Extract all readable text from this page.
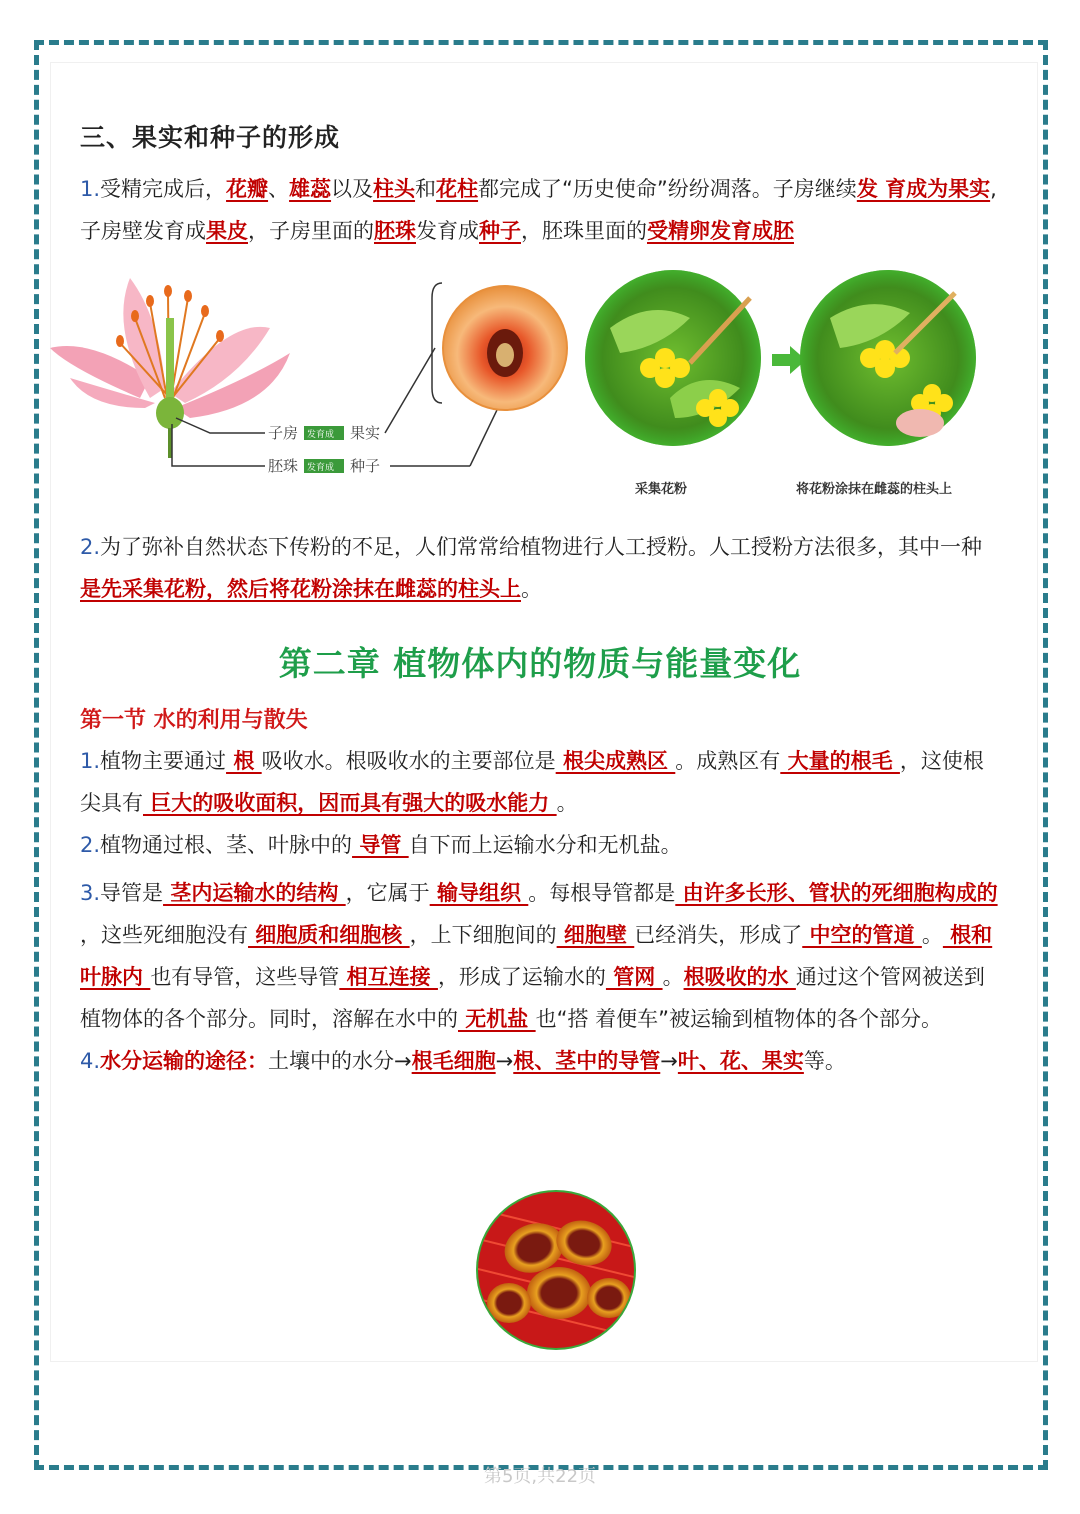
三、果实和种子的形成

1.受精完成后，花瓣、雄蕊以及柱头和花柱都完成了“历史使命”纷纷凋落。子房继续发 育成为果实,子房壁发育成果皮，子房里面的胚珠发育成种子，胚珠里面的受精卵发育成胚

子房 发育成 果实
胚珠 发育成 种子
采集花粉	将花粉涂抹在雌蕊的柱头上

2.为了弥补自然状态下传粉的不足，人们常常给植物进行人工授粉。人工授粉方法很多，其中一种是先采集花粉，然后将花粉涂抹在雌蕊的柱头上。

第二章 植物体内的物质与能量变化
第一节 水的利用与散失

1.植物主要通过 根 吸收水。根吸收水的主要部位是 根尖成熟区 。成熟区有 大量的根毛 ，这使根尖具有 巨大的吸收面积，因而具有强大的吸水能力 。

2.植物通过根、茎、叶脉中的 导管 自下而上运输水分和无机盐。

3.导管是 茎内运输水的结构 ，它属于 输导组织 。每根导管都是 由许多长形、管状的死细胞构成的 ，这些死细胞没有 细胞质和细胞核 ，上下细胞间的 细胞壁 已经消失，形成了 中空的管道 。 根和叶脉内 也有导管，这些导管 相互连接 ，形成了运输水的 管网 。根吸收的水 通过这个管网被送到植物体的各个部分。同时，溶解在水中的 无机盐 也“搭 着便车”被运输到植物体的各个部分。

4.水分运输的途径：土壤中的水分→根毛细胞→根、茎中的导管→叶、花、果实等。

第5页,共22页
